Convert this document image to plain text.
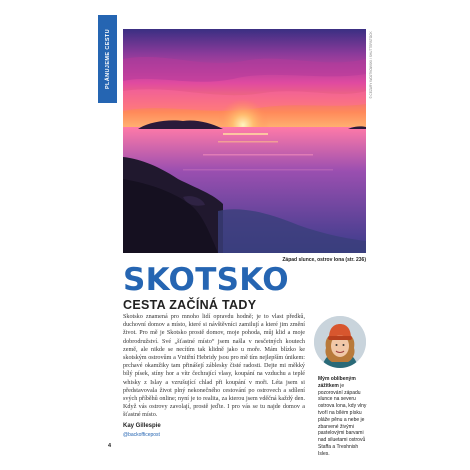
PLÁNUJEME CESTU	© CEZARY WOJTKOWSKI / SHUTTERSTOCK
Západ slunce, ostrov Iona (str. 236)
SKOTSKO
CESTA ZAČÍNÁ TADY
Skotsko znamená pro mnoho lidí opravdu hodně; je to vlast předků, duchovní domov a místo, které si návštěvníci zamilují a které jim změní život. Pro mě je Skotsko prostě domov, moje pohoda, můj klid a moje dobrodružství. Své „šťastné místo“ jsem našla v nesčetných koutech země, ale nikde se necítím tak klidně jako u moře. Mám blízko ke skotským ostrovům a Vnitřní Hebridy jsou pro mě tím nejlepším únikem: prchavé okamžiky tam přinášejí záblesky čisté radosti. Dejte mi měkký bílý písek, stíny hor a vítr čechrající vlasy, koupání na vzduchu a teplé whisky z Islay a vzrušující chlad při koupání v moři. Léta jsem si představovala život plný nekonečného cestování po ostrovech a sdílení svých příběhů online; nyní je to realita, za kterou jsem vděčná každý den. Když vás ostrovy zavolají, prostě jeďte. I pro vás se tu najde domov a šťastné místo.
Kay Gillespie
@backofficepost
4
Mým oblíbeným zážitkem je pozorování západu slunce na severu ostrova Iona, kdy vlny tvoří na bílém písku pláže pěnu a nebe je zbarvené živými pastelovými barvami nad siluetami ostrovů Staffa a Treshnish Isles.
